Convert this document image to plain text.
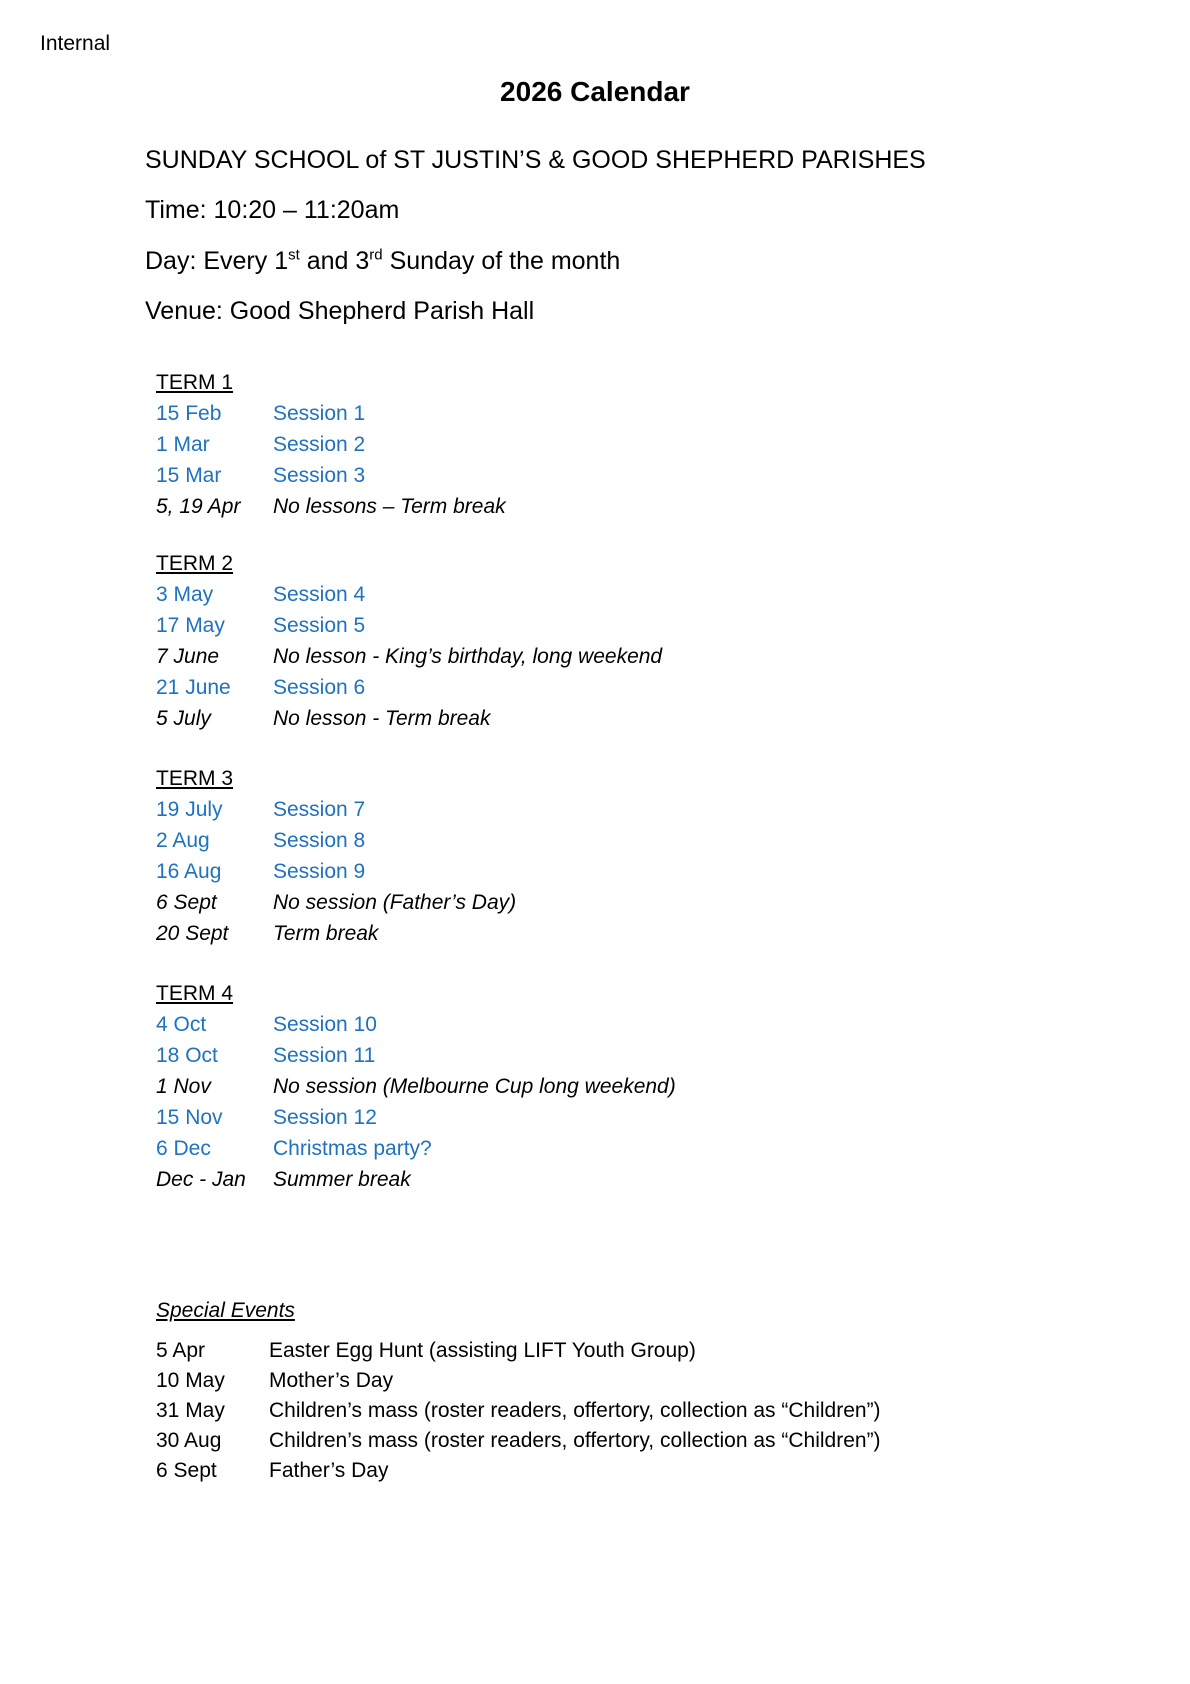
Internal
2026 Calendar
SUNDAY SCHOOL of ST JUSTIN’S & GOOD SHEPHERD PARISHES
Time: 10:20 – 11:20am
Day: Every 1st and 3rd Sunday of the month
Venue: Good Shepherd Parish Hall
TERM 1
15 Feb Session 1
1 Mar	Session 2
15 Mar Session 3
5, 19 Apr No lessons – Term break
TERM 2
3 May	Session 4
17 May Session 5
7 June	No lesson - King’s birthday, long weekend
21 June Session 6
5 July	No lesson - Term break
TERM 3
19 July Session 7
2 Aug	Session 8
16 Aug Session 9
6 Sept	No session (Father’s Day)
20 Sept Term break
TERM 4
4 Oct	Session 10
18 Oct	Session 11
1 Nov	No session (Melbourne Cup long weekend)
15 Nov Session 12
6 Dec	Christmas party?
Dec - Jan Summer break
Special Events
5 Apr	Easter Egg Hunt (assisting LIFT Youth Group)
10 May Mother’s Day
31 May Children’s mass (roster readers, offertory, collection as “Children”)
30 Aug Children’s mass (roster readers, offertory, collection as “Children”)
6 Sept Father’s Day
